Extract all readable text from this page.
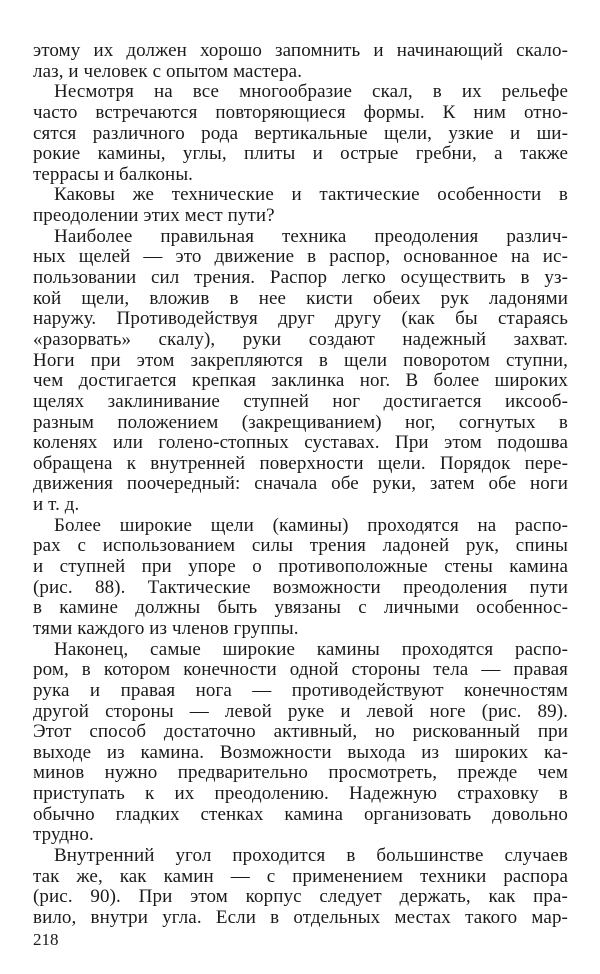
этому их должен хорошо запомнить и начинающий скало-
лаз, и человек с опытом мастера.
Несмотря на все многообразие скал, в их рельефе
часто встречаются повторяющиеся формы. К ним отно-
сятся различного рода вертикальные щели, узкие и ши-
рокие камины, углы, плиты и острые гребни, а также
террасы и балконы.
Каковы же технические и тактические особенности в
преодолении этих мест пути?
Наиболее правильная техника преодоления различ-
ных щелей — это движение в распор, основанное на ис-
пользовании сил трения. Распор легко осуществить в уз-
кой щели, вложив в нее кисти обеих рук ладонями
наружу. Противодействуя друг другу (как бы стараясь
«разорвать» скалу), руки создают надежный захват.
Ноги при этом закрепляются в щели поворотом ступни,
чем достигается крепкая заклинка ног. В более широких
щелях заклинивание ступней ног достигается иксооб-
разным положением (закрещиванием) ног, согнутых в
коленях или голено-стопных суставах. При этом подошва
обращена к внутренней поверхности щели. Порядок пере-
движения поочередный: сначала обе руки, затем обе ноги
и т. д.
Более широкие щели (камины) проходятся на распо-
рах с использованием силы трения ладоней рук, спины
и ступней при упоре о противоположные стены камина
(рис. 88). Тактические возможности преодоления пути
в камине должны быть увязаны с личными особеннос-
тями каждого из членов группы.
Наконец, самые широкие камины проходятся распо-
ром, в котором конечности одной стороны тела — правая
рука и правая нога — противодействуют конечностям
другой стороны — левой руке и левой ноге (рис. 89).
Этот способ достаточно активный, но рискованный при
выходе из камина. Возможности выхода из широких ка-
минов нужно предварительно просмотреть, прежде чем
приступать к их преодолению. Надежную страховку в
обычно гладких стенках камина организовать довольно
трудно.
Внутренний угол проходится в большинстве случаев
так же, как камин — с применением техники распора
(рис. 90). При этом корпус следует держать, как пра-
вило, внутри угла. Если в отдельных местах такого мар-
218
